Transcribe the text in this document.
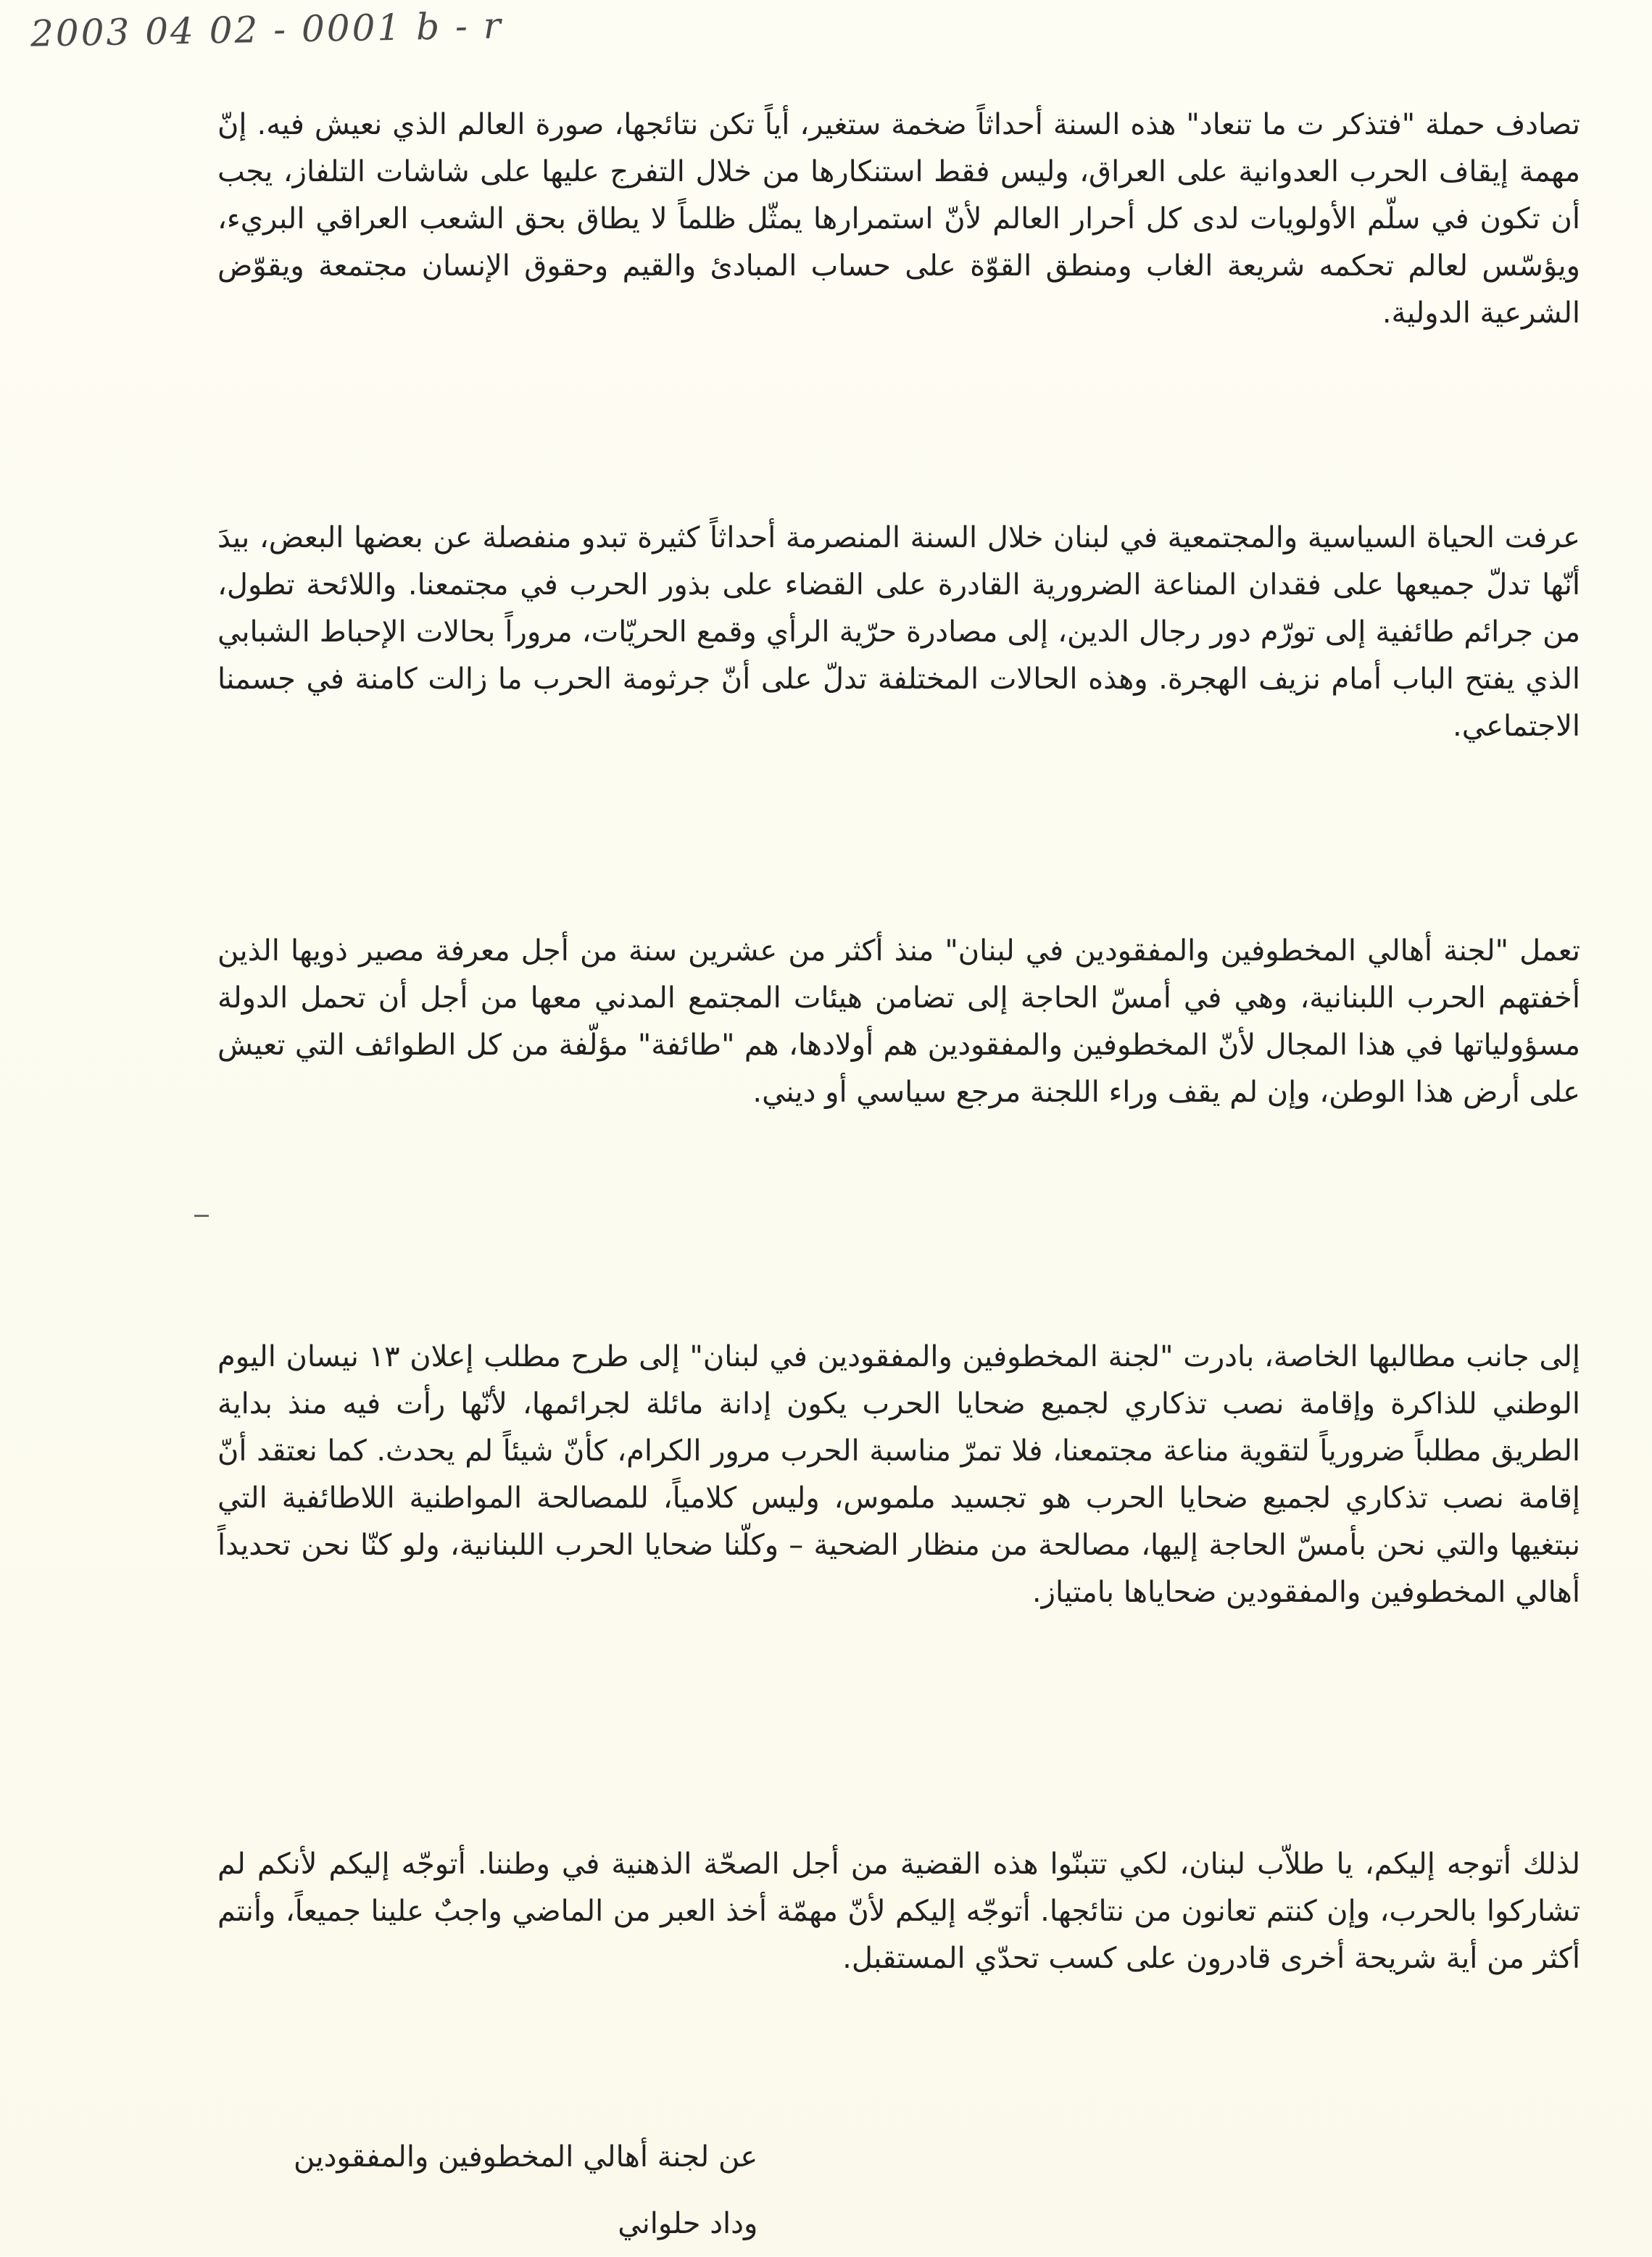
2003 04 02 - 0001 b - r

تصادف حملة "فتذكر ت ما تنعاد" هذه السنة أحداثاً ضخمة ستغير، أياً تكن نتائجها، صورة العالم الذي نعيش فيه. إنّ مهمة إيقاف الحرب العدوانية على العراق، وليس فقط استنكارها من خلال التفرج عليها على شاشات التلفاز، يجب أن تكون في سلّم الأولويات لدى كل أحرار العالم لأنّ استمرارها يمثّل ظلماً لا يطاق بحق الشعب العراقي البريء، ويؤسّس لعالم تحكمه شريعة الغاب ومنطق القوّة على حساب المبادئ والقيم وحقوق الإنسان مجتمعة ويقوّض الشرعية الدولية.

عرفت الحياة السياسية والمجتمعية في لبنان خلال السنة المنصرمة أحداثاً كثيرة تبدو منفصلة عن بعضها البعض، بيدَ أنّها تدلّ جميعها على فقدان المناعة الضرورية القادرة على القضاء على بذور الحرب في مجتمعنا. واللائحة تطول، من جرائم طائفية إلى تورّم دور رجال الدين، إلى مصادرة حرّية الرأي وقمع الحريّات، مروراً بحالات الإحباط الشبابي الذي يفتح الباب أمام نزيف الهجرة. وهذه الحالات المختلفة تدلّ على أنّ جرثومة الحرب ما زالت كامنة في جسمنا الاجتماعي.

تعمل "لجنة أهالي المخطوفين والمفقودين في لبنان" منذ أكثر من عشرين سنة من أجل معرفة مصير ذويها الذين أخفتهم الحرب اللبنانية، وهي في أمسّ الحاجة إلى تضامن هيئات المجتمع المدني معها من أجل أن تحمل الدولة مسؤولياتها في هذا المجال لأنّ المخطوفين والمفقودين هم أولادها، هم "طائفة" مؤلّفة من كل الطوائف التي تعيش على أرض هذا الوطن، وإن لم يقف وراء اللجنة مرجع سياسي أو ديني.

إلى جانب مطالبها الخاصة، بادرت "لجنة المخطوفين والمفقودين في لبنان" إلى طرح مطلب إعلان ١٣ نيسان اليوم الوطني للذاكرة وإقامة نصب تذكاري لجميع ضحايا الحرب يكون إدانة مائلة لجرائمها، لأنّها رأت فيه منذ بداية الطريق مطلباً ضرورياً لتقوية مناعة مجتمعنا، فلا تمرّ مناسبة الحرب مرور الكرام، كأنّ شيئاً لم يحدث. كما نعتقد أنّ إقامة نصب تذكاري لجميع ضحايا الحرب هو تجسيد ملموس، وليس كلامياً، للمصالحة المواطنية اللاطائفية التي نبتغيها والتي نحن بأمسّ الحاجة إليها، مصالحة من منظار الضحية – وكلّنا ضحايا الحرب اللبنانية، ولو كنّا نحن تحديداً أهالي المخطوفين والمفقودين ضحاياها بامتياز.

لذلك أتوجه إليكم، يا طلاّب لبنان، لكي تتبنّوا هذه القضية من أجل الصحّة الذهنية في وطننا. أتوجّه إليكم لأنكم لم تشاركوا بالحرب، وإن كنتم تعانون من نتائجها. أتوجّه إليكم لأنّ مهمّة أخذ العبر من الماضي واجبٌ علينا جميعاً، وأنتم أكثر من أية شريحة أخرى قادرون على كسب تحدّي المستقبل.

عن لجنة أهالي المخطوفين والمفقودين
وداد حلواني
